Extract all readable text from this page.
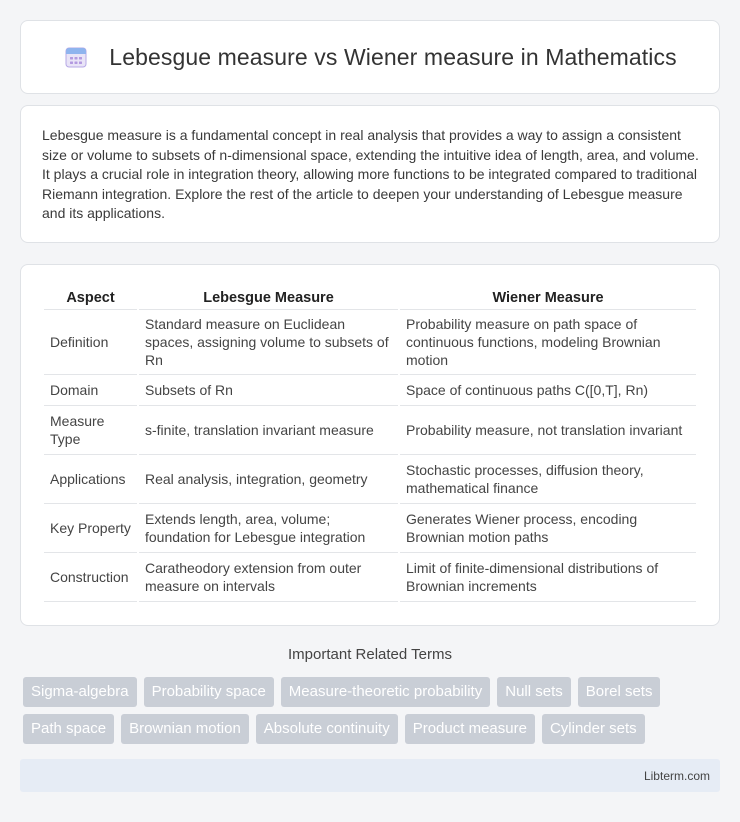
Lebesgue measure vs Wiener measure in Mathematics

Lebesgue measure is a fundamental concept in real analysis that provides a way to assign a consistent size or volume to subsets of n-dimensional space, extending the intuitive idea of length, area, and volume. It plays a crucial role in integration theory, allowing more functions to be integrated compared to traditional Riemann integration. Explore the rest of the article to deepen your understanding of Lebesgue measure and its applications.

Aspect	Lebesgue Measure	Wiener Measure
Definition	Standard measure on Euclidean spaces, assigning volume to subsets of Rn	Probability measure on path space of continuous functions, modeling Brownian motion
Domain	Subsets of Rn	Space of continuous paths C([0,T], Rn)
Measure Type	s-finite, translation invariant measure	Probability measure, not translation invariant
Applications	Real analysis, integration, geometry	Stochastic processes, diffusion theory, mathematical finance
Key Property	Extends length, area, volume; foundation for Lebesgue integration	Generates Wiener process, encoding Brownian motion paths
Construction	Caratheodory extension from outer measure on intervals	Limit of finite-dimensional distributions of Brownian increments
Important Related Terms
Sigma-algebra	Probability space	Measure-theoretic probability	Null sets	Borel sets
Path space	Brownian motion	Absolute continuity	Product measure	Cylinder sets
Libterm.com
